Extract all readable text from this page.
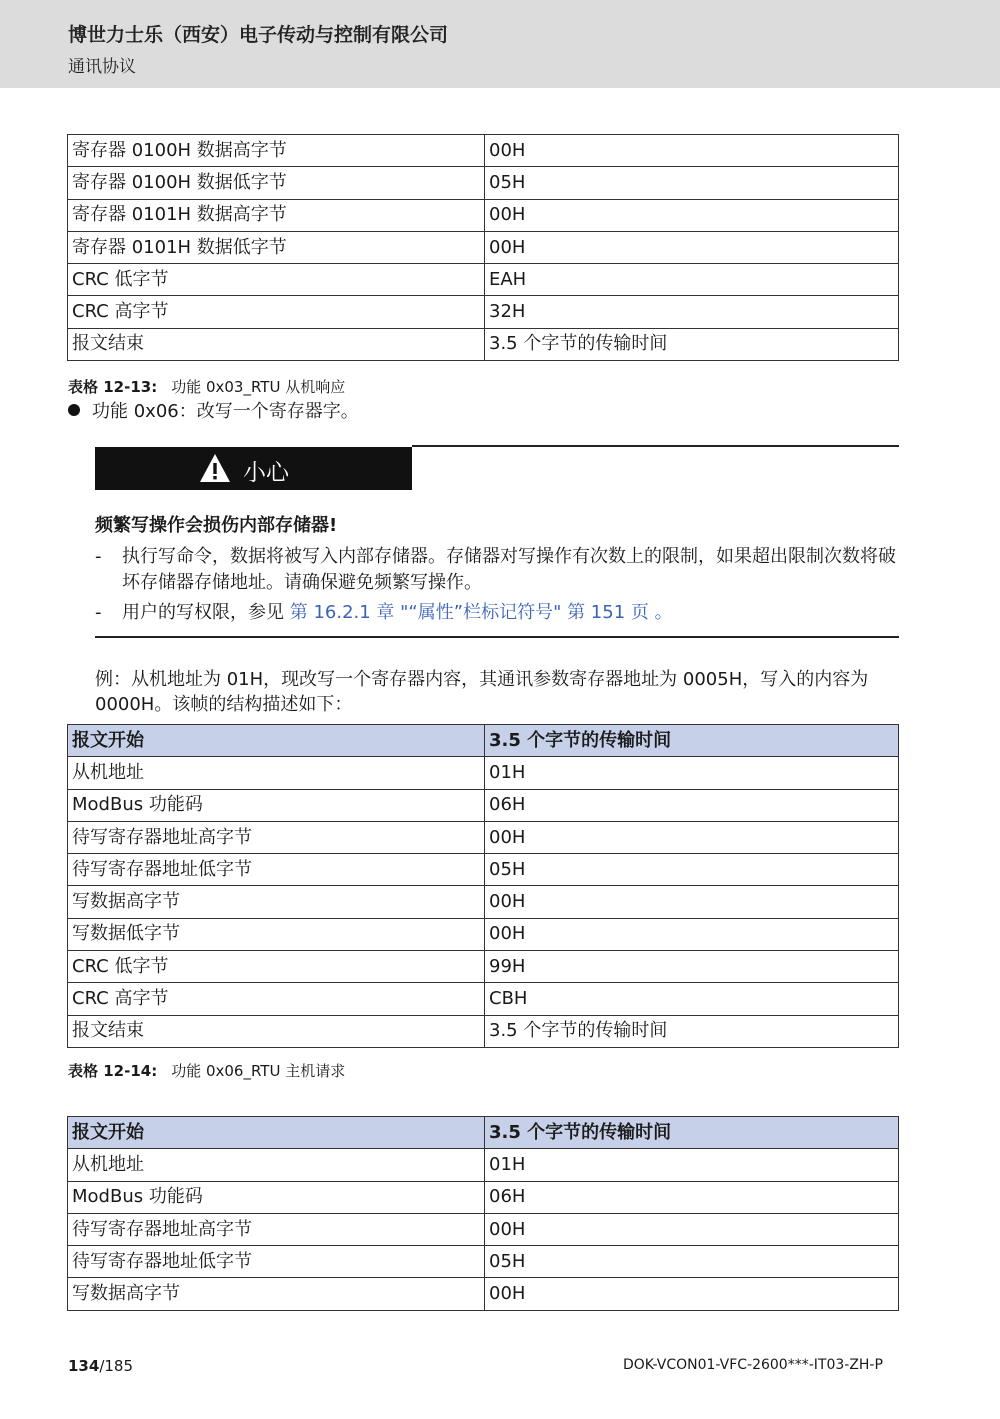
博世力士乐（西安）电子传动与控制有限公司
通讯协议
寄存器 0100H 数据高字节	00H
寄存器 0100H 数据低字节	05H
寄存器 0101H 数据高字节	00H
寄存器 0101H 数据低字节	00H
CRC 低字节	EAH
CRC 高字节	32H
报文结束	3.5 个字节的传输时间
表格 12-13: 功能 0x03_RTU 从机响应
功能 0x06：改写一个寄存器字。
小心
频繁写操作会损伤内部存储器!
- 执行写命令，数据将被写入内部存储器。存储器对写操作有次数上的限制，如果超出限制次数将破坏存储器存储地址。请确保避免频繁写操作。
- 用户的写权限，参见 第 16.2.1 章 "“属性”栏标记符号" 第 151 页 。
例：从机地址为 01H，现改写一个寄存器内容，其通讯参数寄存器地址为 0005H，写入的内容为 0000H。该帧的结构描述如下：
报文开始	3.5 个字节的传输时间
从机地址	01H
ModBus 功能码	06H
待写寄存器地址高字节	00H
待写寄存器地址低字节	05H
写数据高字节	00H
写数据低字节	00H
CRC 低字节	99H
CRC 高字节	CBH
报文结束	3.5 个字节的传输时间
表格 12-14: 功能 0x06_RTU 主机请求
报文开始	3.5 个字节的传输时间
从机地址	01H
ModBus 功能码	06H
待写寄存器地址高字节	00H
待写寄存器地址低字节	05H
写数据高字节	00H
134/185	DOK-VCON01-VFC-2600***-IT03-ZH-P
